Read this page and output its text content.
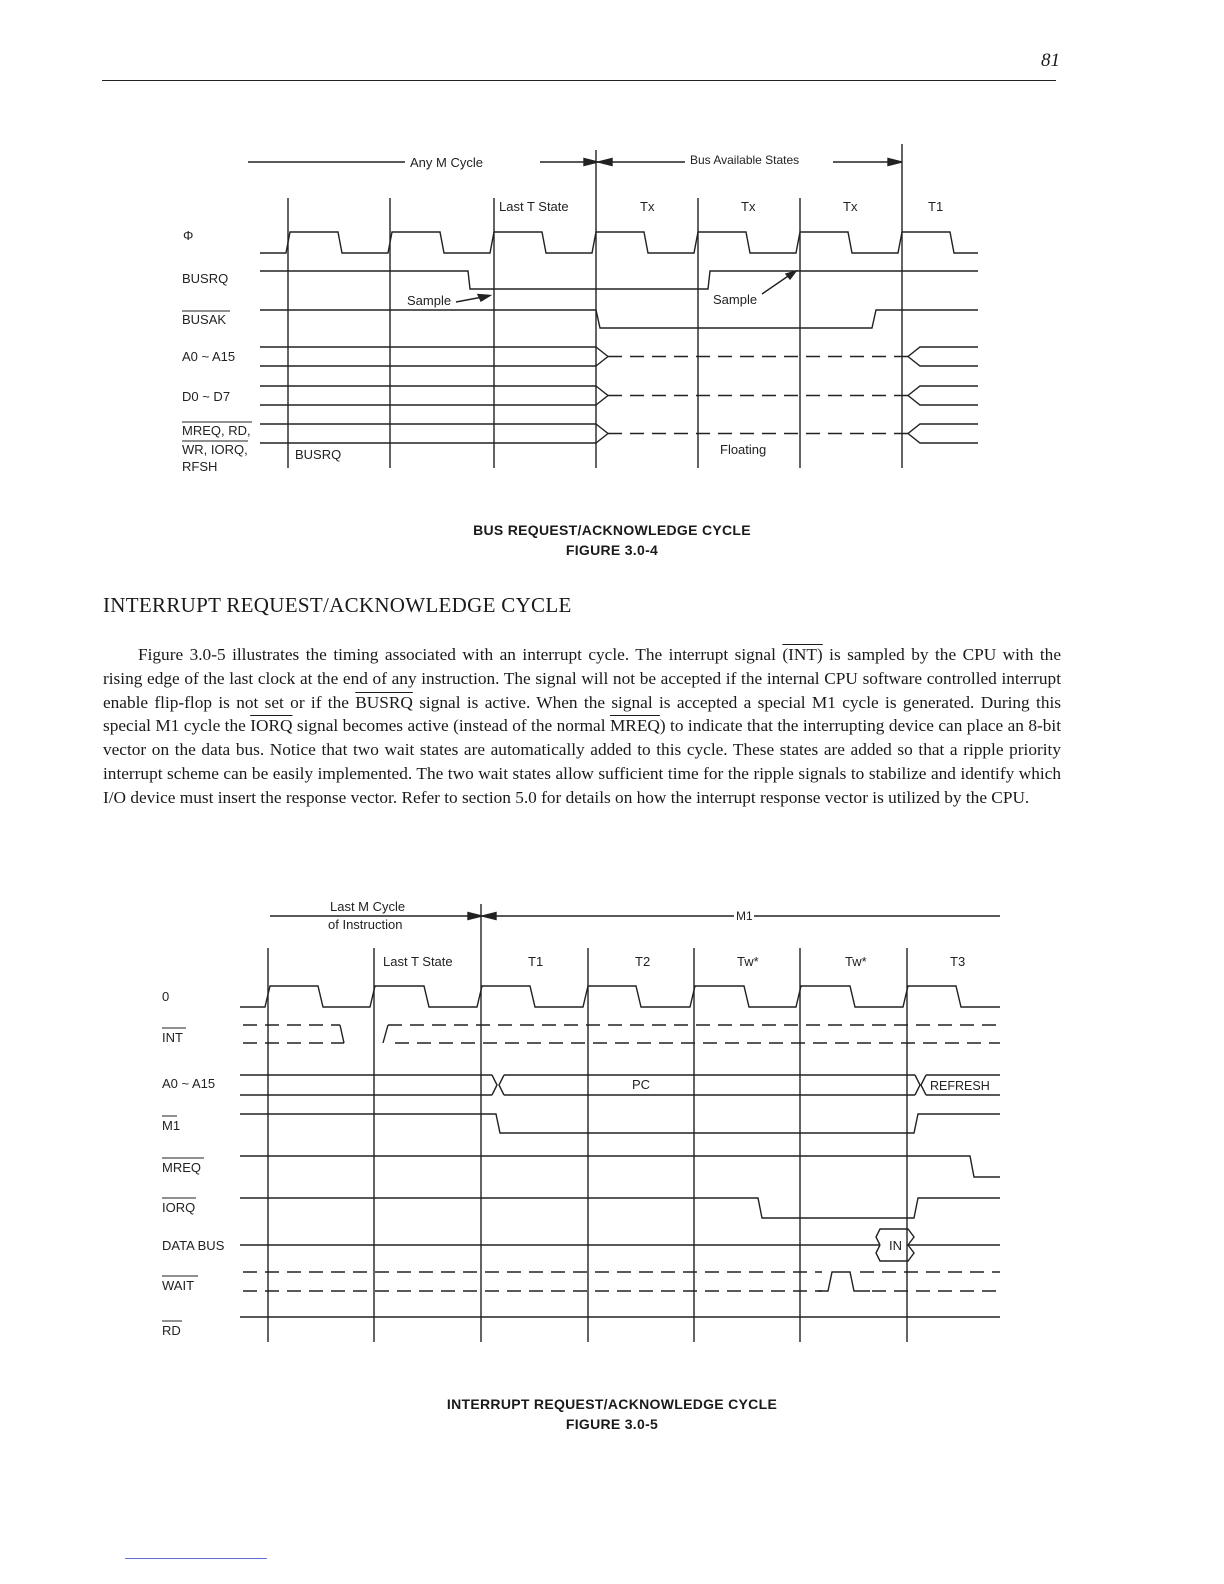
81
Any M Cycle	Bus Available States
Last T State	Tx	Tx	Tx	T1
Φ
BUSRQ
BUSAK
A0 ~ A15
D0 ~ D7
MREQ, RD,
WR, IORQ,
RFSH
Sample	Sample
BUSRQ	Floating
BUS REQUEST/ACKNOWLEDGE CYCLE
FIGURE 3.0-4
INTERRUPT REQUEST/ACKNOWLEDGE CYCLE

Figure 3.0-5 illustrates the timing associated with an interrupt cycle. The interrupt signal (INT) is sampled by the CPU with the rising edge of the last clock at the end of any instruction. The signal will not be accepted if the internal CPU software controlled interrupt enable flip-flop is not set or if the BUSRQ signal is active. When the signal is accepted a special M1 cycle is generated. During this special M1 cycle the IORQ signal becomes active (instead of the normal MREQ) to indicate that the interrupting device can place an 8-bit vector on the data bus. Notice that two wait states are automatically added to this cycle. These states are added so that a ripple priority interrupt scheme can be easily implemented. The two wait states allow sufficient time for the ripple signals to stabilize and identify which I/O device must insert the response vector. Refer to section 5.0 for details on how the interrupt response vector is utilized by the CPU.

Last M Cycle
of Instruction
M1
Last T State	T1	T2	Tw*	Tw*	T3
0
INT
A0 ~ A15
M1
MREQ
IORQ
DATA BUS
WAIT
RD
PC	REFRESH
IN
INTERRUPT REQUEST/ACKNOWLEDGE CYCLE
FIGURE 3.0-5
